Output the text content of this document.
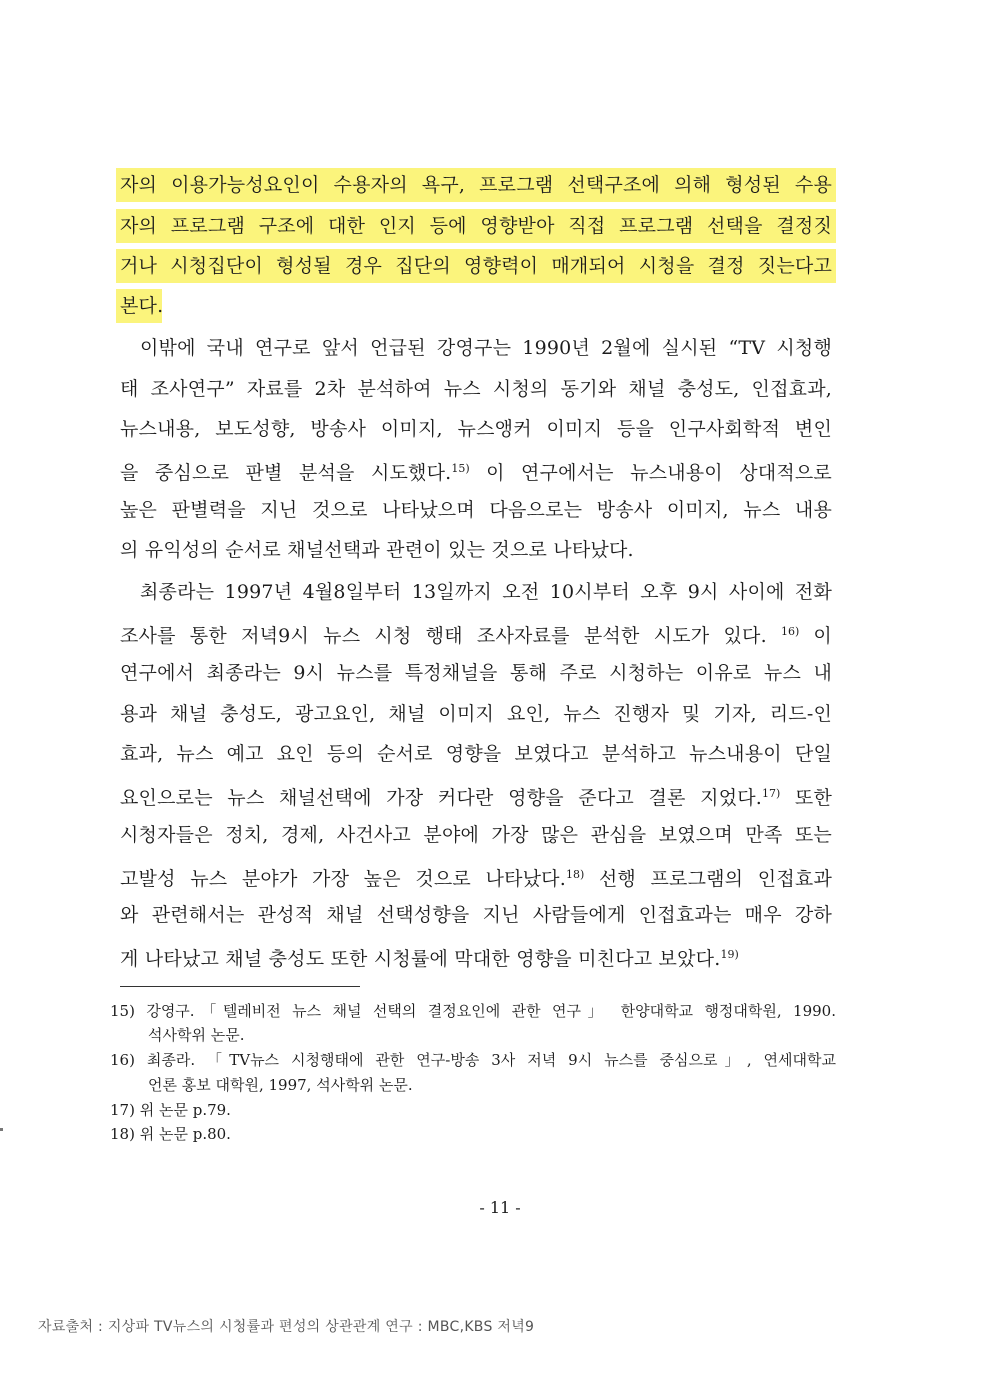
자의 이용가능성요인이 수용자의 욕구, 프로그램 선택구조에 의해 형성된 수용
자의 프로그램 구조에 대한 인지 등에 영향받아 직접 프로그램 선택을 결정짓
거나 시청집단이 형성될 경우 집단의 영향력이 매개되어 시청을 결정 짓는다고
본다.
이밖에 국내 연구로 앞서 언급된 강영구는 1990년 2월에 실시된 “TV 시청행
태 조사연구” 자료를 2차 분석하여 뉴스 시청의 동기와 채널 충성도, 인접효과,
뉴스내용, 보도성향, 방송사 이미지, 뉴스앵커 이미지 등을 인구사회학적 변인
을 중심으로 판별 분석을 시도했다.$^{15)}$ 이 연구에서는 뉴스내용이 상대적으로
높은 판별력을 지닌 것으로 나타났으며 다음으로는 방송사 이미지, 뉴스 내용
의 유익성의 순서로 채널선택과 관련이 있는 것으로 나타났다.
최종라는 1997년 4월8일부터 13일까지 오전 10시부터 오후 9시 사이에 전화
조사를 통한 저녁9시 뉴스 시청 행태 조사자료를 분석한 시도가 있다. $^{16)}$ 이
연구에서 최종라는 9시 뉴스를 특정채널을 통해 주로 시청하는 이유로 뉴스 내
용과 채널 충성도, 광고요인, 채널 이미지 요인, 뉴스 진행자 및 기자, 리드-인
효과, 뉴스 예고 요인 등의 순서로 영향을 보였다고 분석하고 뉴스내용이 단일
요인으로는 뉴스 채널선택에 가장 커다란 영향을 준다고 결론 지었다.$^{17)}$ 또한
시청자들은 정치, 경제, 사건사고 분야에 가장 많은 관심을 보였으며 만족 또는
고발성 뉴스 분야가 가장 높은 것으로 나타났다.$^{18)}$ 선행 프로그램의 인접효과
와 관련해서는 관성적 채널 선택성향을 지닌 사람들에게 인접효과는 매우 강하
게 나타났고 채널 충성도 또한 시청률에 막대한 영향을 미친다고 보았다.$^{19)}$
15) 강영구.「텔레비전 뉴스 채널 선택의 결정요인에 관한 연구」 한양대학교 행정대학원, 1990.
석사학위 논문.
16) 최종라. 「TV뉴스 시청행태에 관한 연구-방송 3사 저녁 9시 뉴스를 중심으로」, 연세대학교
언론 홍보 대학원, 1997, 석사학위 논문.
17) 위 논문 p.79.
18) 위 논문 p.80.
- 11 -
자료출처 : 지상파 TV뉴스의 시청률과 편성의 상관관계 연구 : MBC,KBS 저녁9
